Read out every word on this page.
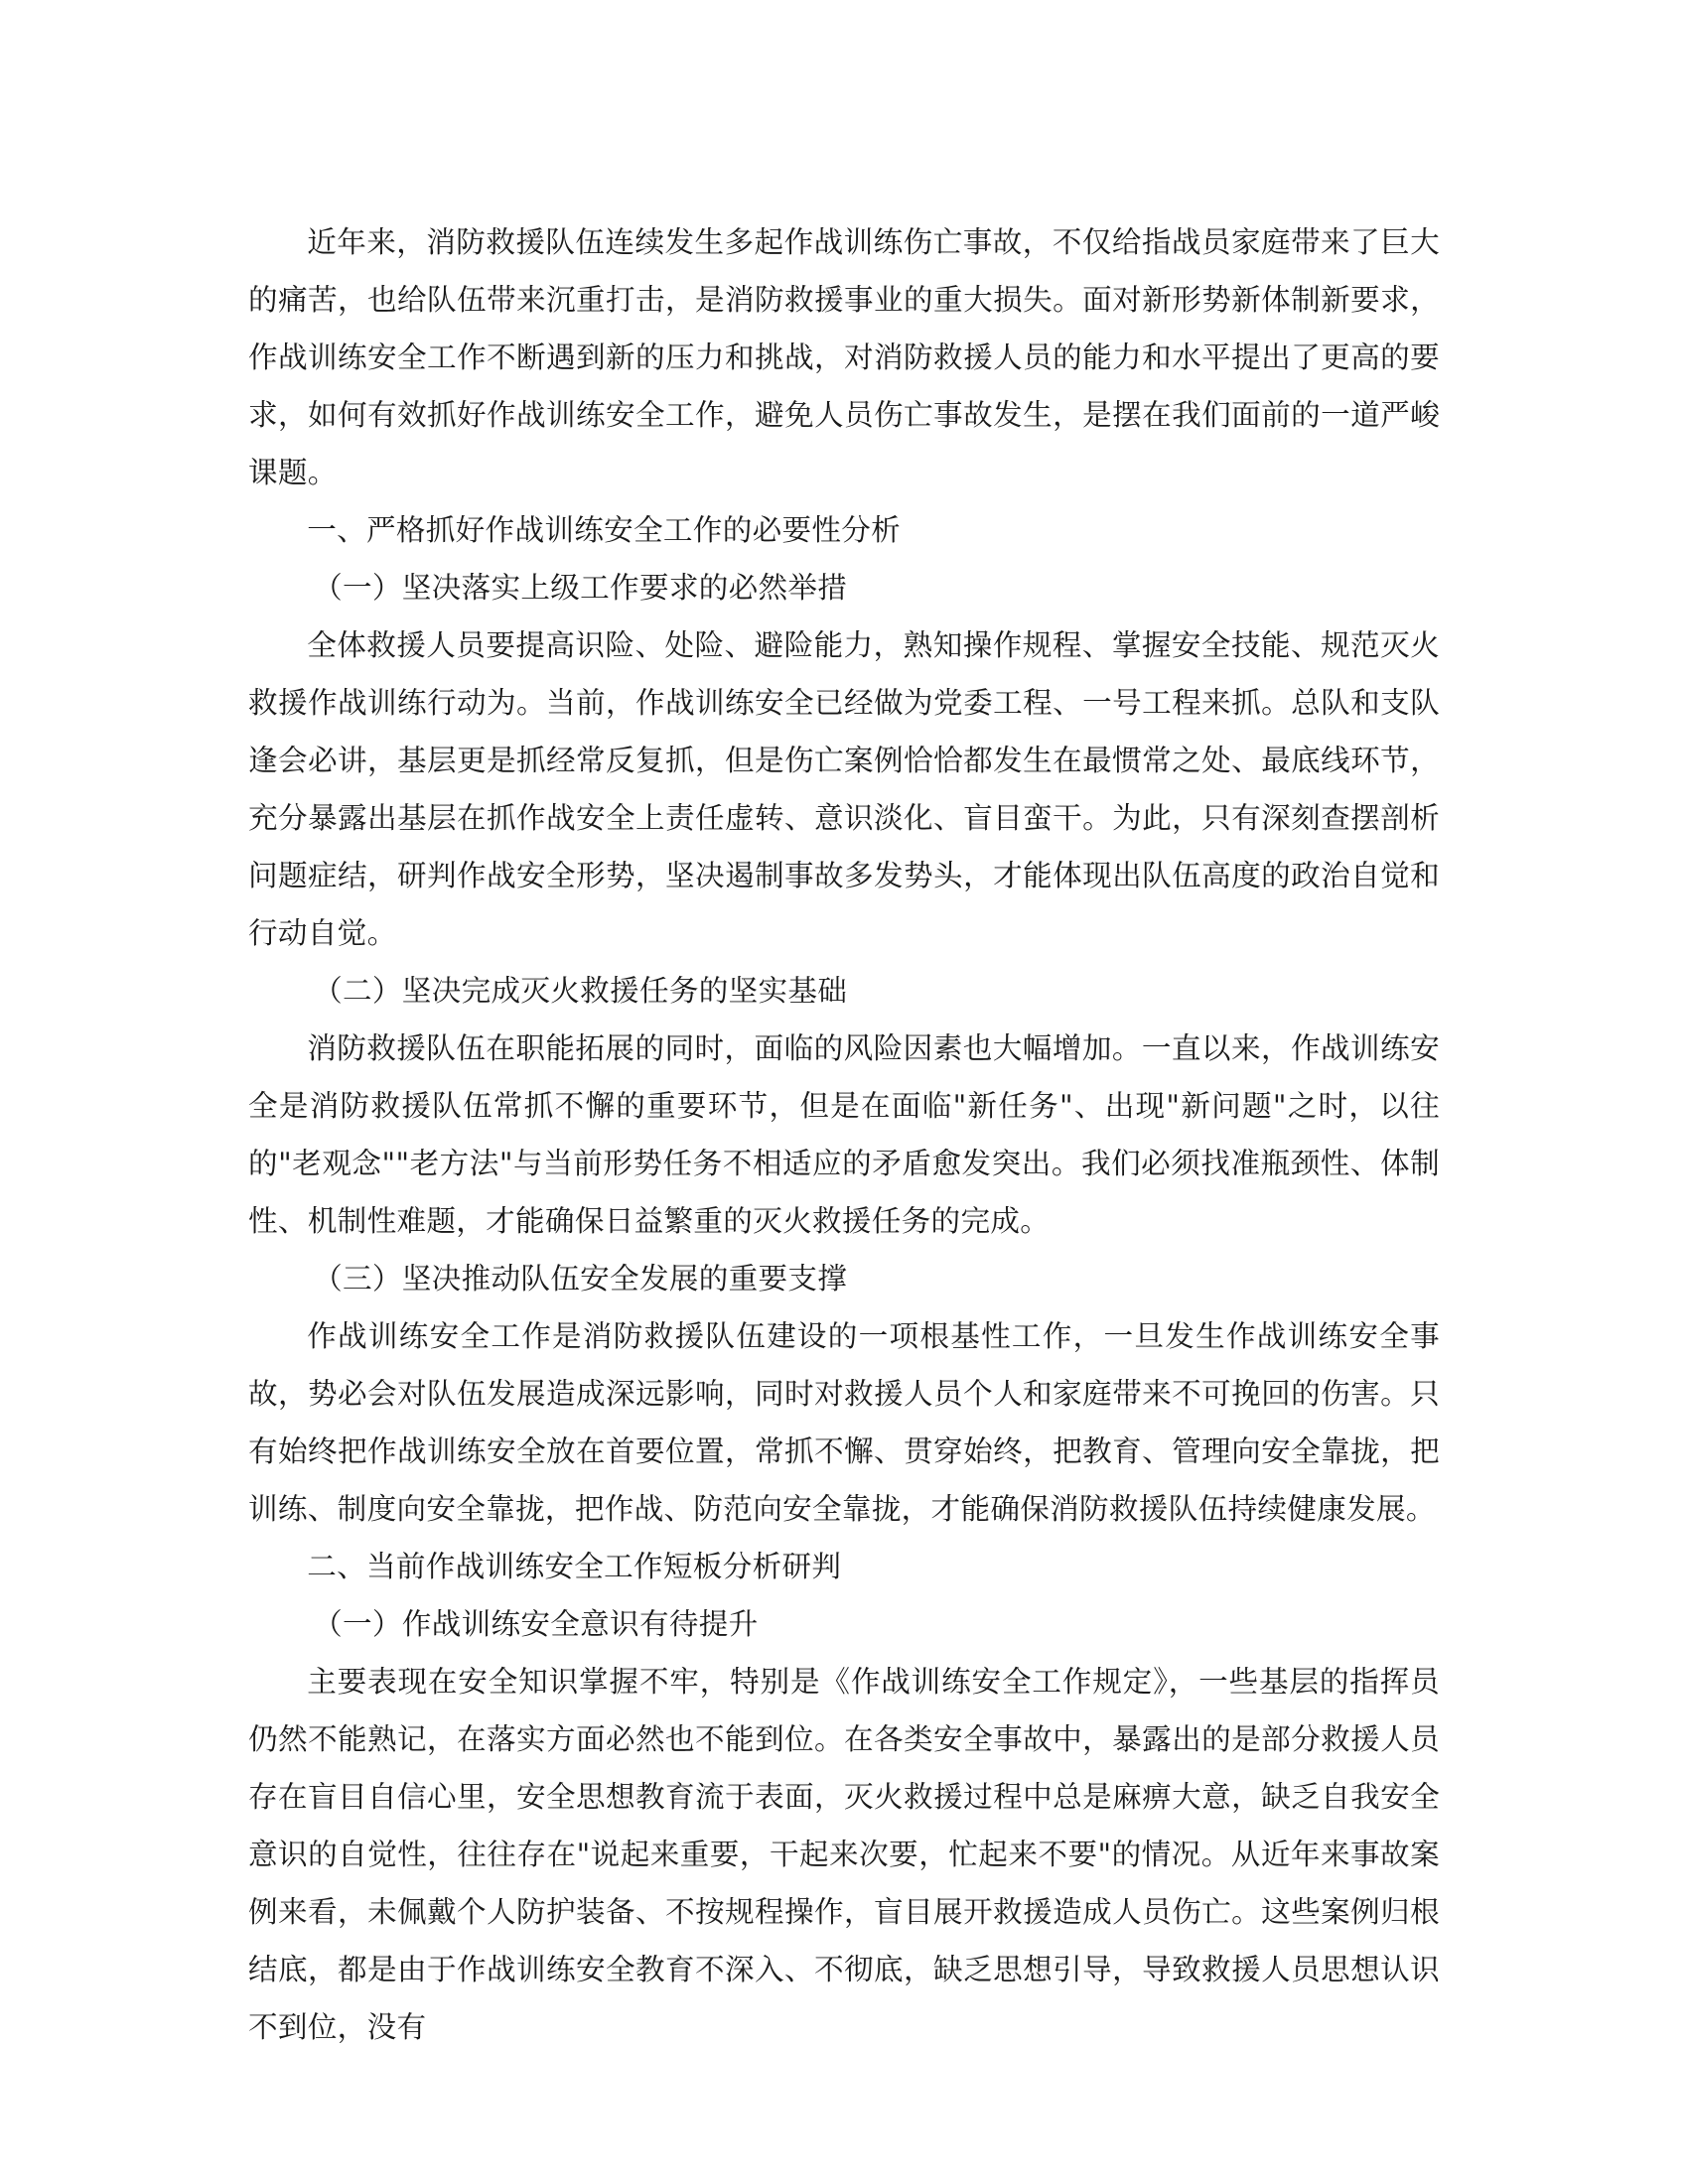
近年来，消防救援队伍连续发生多起作战训练伤亡事故，不仅给指战员家庭带来了巨大的痛苦，也给队伍带来沉重打击，是消防救援事业的重大损失。面对新形势新体制新要求，作战训练安全工作不断遇到新的压力和挑战，对消防救援人员的能力和水平提出了更高的要求，如何有效抓好作战训练安全工作，避免人员伤亡事故发生，是摆在我们面前的一道严峻课题。

一、严格抓好作战训练安全工作的必要性分析

（一）坚决落实上级工作要求的必然举措

全体救援人员要提高识险、处险、避险能力，熟知操作规程、掌握安全技能、规范灭火救援作战训练行动为。当前，作战训练安全已经做为党委工程、一号工程来抓。总队和支队逢会必讲，基层更是抓经常反复抓，但是伤亡案例恰恰都发生在最惯常之处、最底线环节，充分暴露出基层在抓作战安全上责任虚转、意识淡化、盲目蛮干。为此，只有深刻查摆剖析问题症结，研判作战安全形势，坚决遏制事故多发势头，才能体现出队伍高度的政治自觉和行动自觉。

（二）坚决完成灭火救援任务的坚实基础

消防救援队伍在职能拓展的同时，面临的风险因素也大幅增加。一直以来，作战训练安全是消防救援队伍常抓不懈的重要环节，但是在面临"新任务"、出现"新问题"之时，以往的"老观念""老方法"与当前形势任务不相适应的矛盾愈发突出。我们必须找准瓶颈性、体制性、机制性难题，才能确保日益繁重的灭火救援任务的完成。

（三）坚决推动队伍安全发展的重要支撑

作战训练安全工作是消防救援队伍建设的一项根基性工作，一旦发生作战训练安全事故，势必会对队伍发展造成深远影响，同时对救援人员个人和家庭带来不可挽回的伤害。只有始终把作战训练安全放在首要位置，常抓不懈、贯穿始终，把教育、管理向安全靠拢，把训练、制度向安全靠拢，把作战、防范向安全靠拢，才能确保消防救援队伍持续健康发展。

二、当前作战训练安全工作短板分析研判

（一）作战训练安全意识有待提升

主要表现在安全知识掌握不牢，特别是《作战训练安全工作规定》，一些基层的指挥员仍然不能熟记，在落实方面必然也不能到位。在各类安全事故中，暴露出的是部分救援人员存在盲目自信心里，安全思想教育流于表面，灭火救援过程中总是麻痹大意，缺乏自我安全意识的自觉性，往往存在"说起来重要，干起来次要，忙起来不要"的情况。从近年来事故案例来看，未佩戴个人防护装备、不按规程操作，盲目展开救援造成人员伤亡。这些案例归根结底，都是由于作战训练安全教育不深入、不彻底，缺乏思想引导，导致救援人员思想认识不到位，没有
